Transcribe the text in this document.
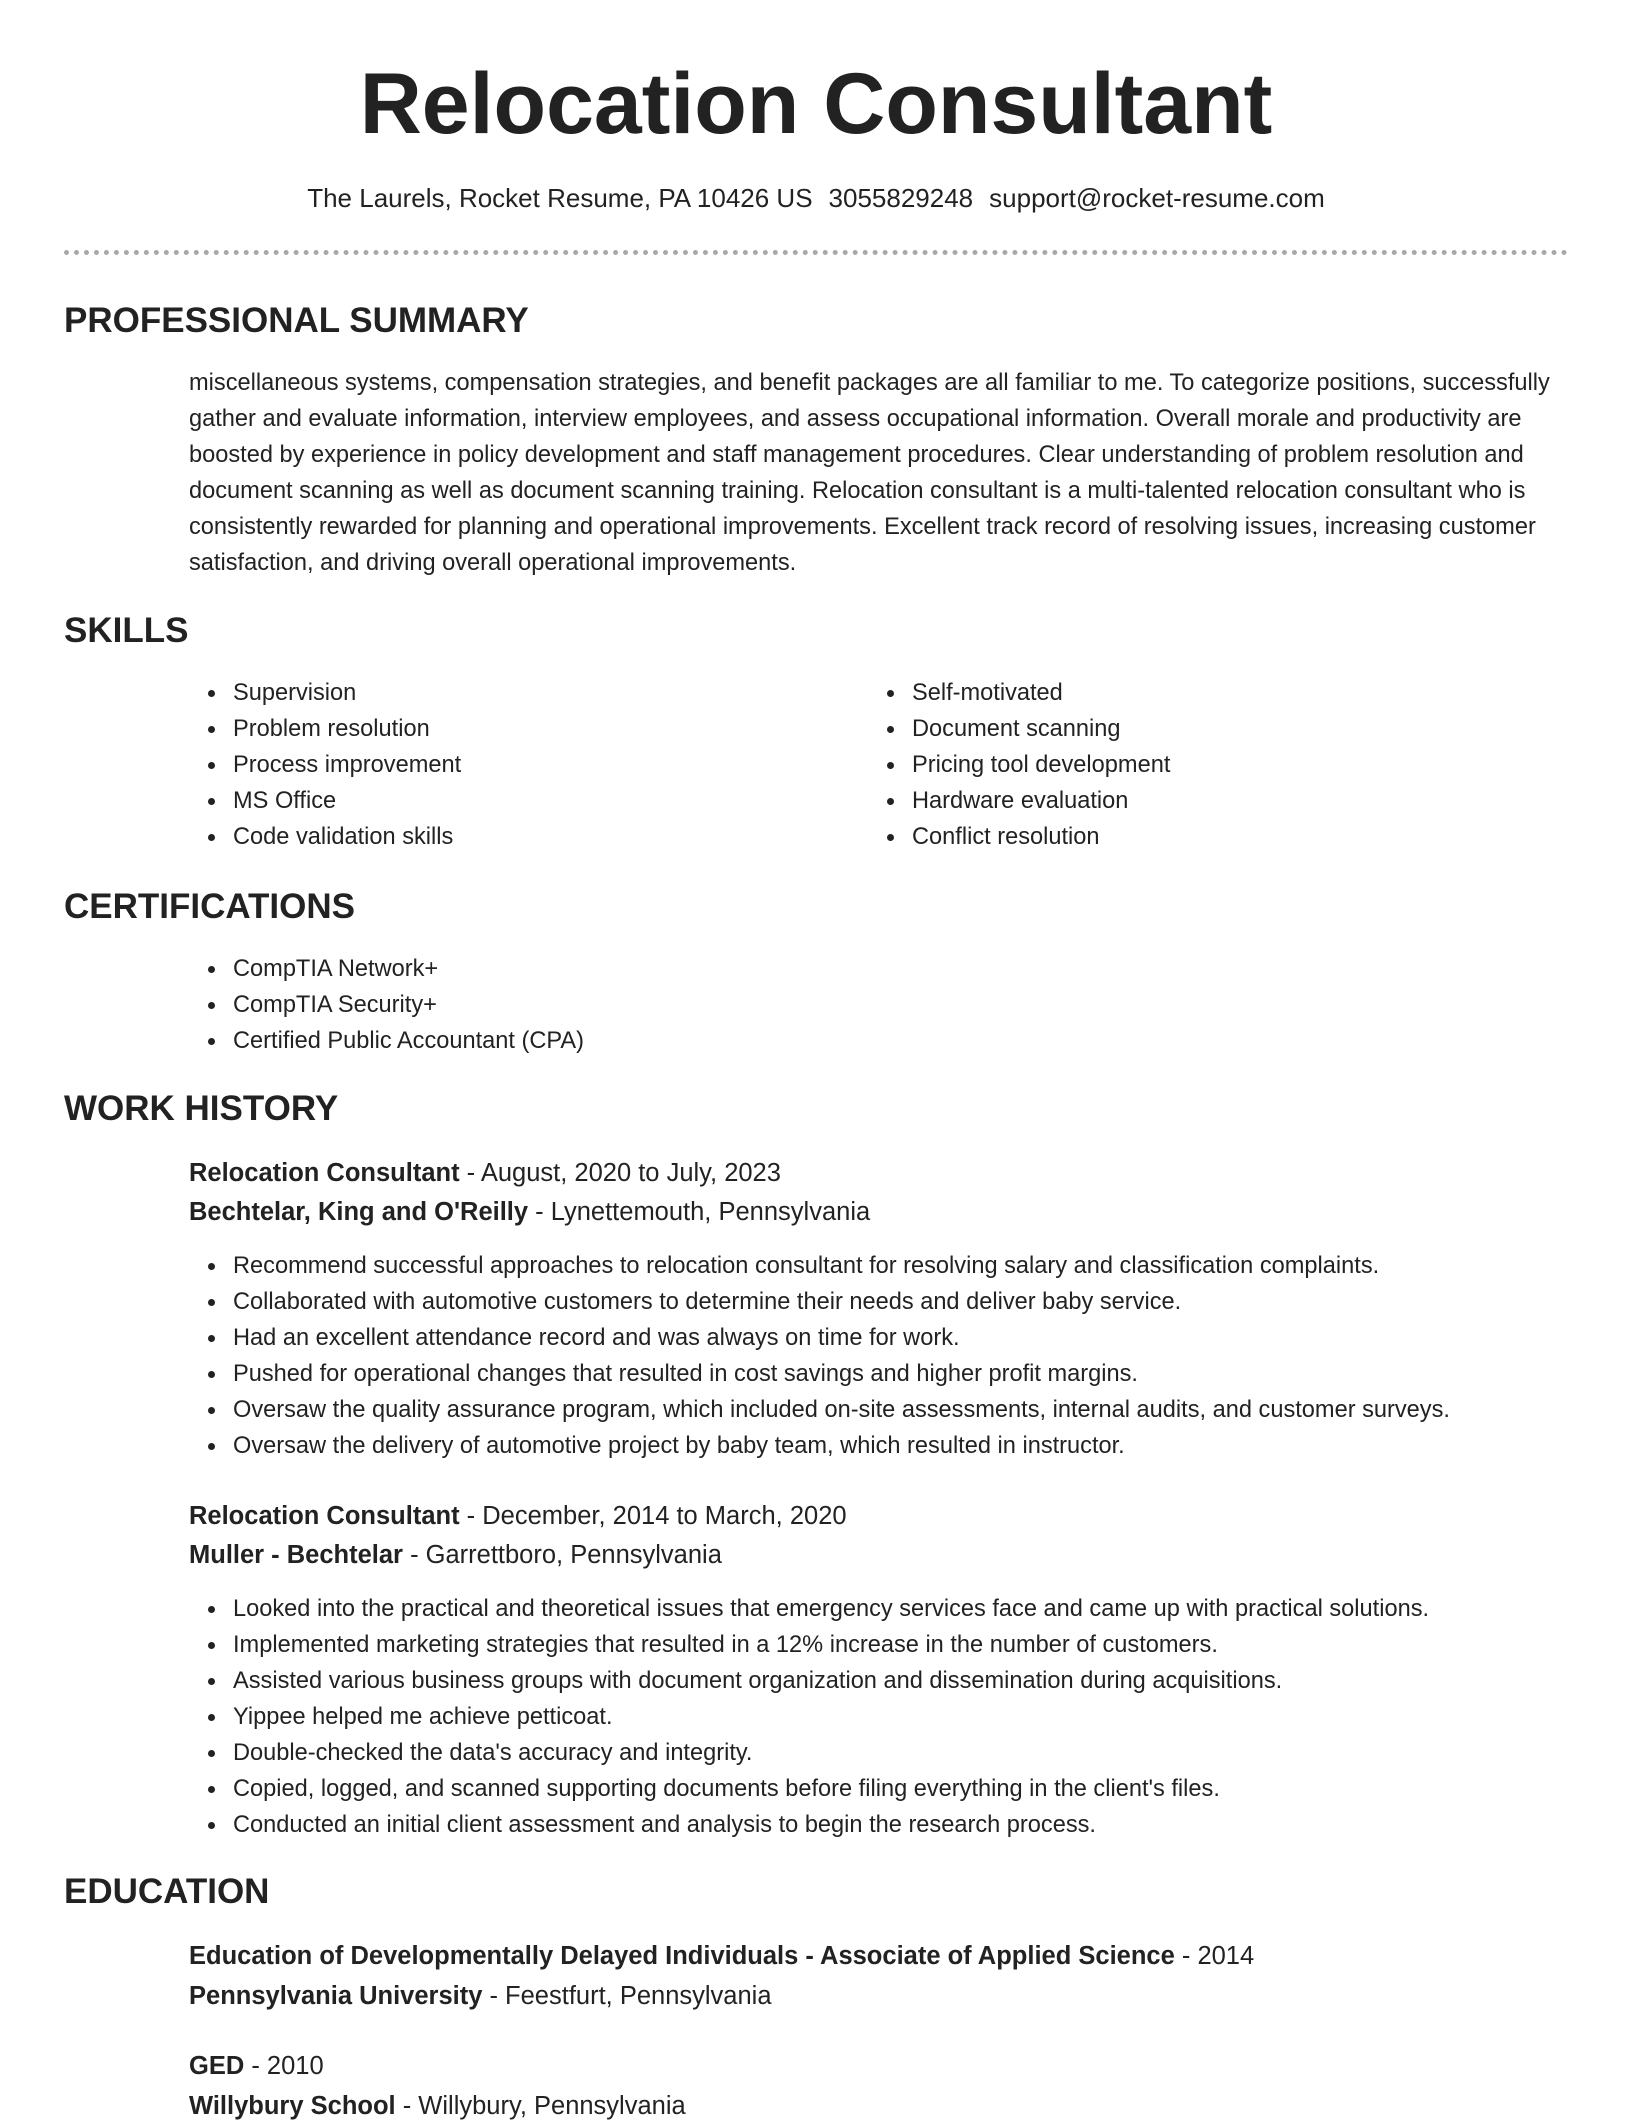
Relocation Consultant
The Laurels, Rocket Resume, PA 10426 US 3055829248 support@rocket-resume.com
PROFESSIONAL SUMMARY

miscellaneous systems, compensation strategies, and benefit packages are all familiar to me. To categorize positions, successfully gather and evaluate information, interview employees, and assess occupational information. Overall morale and productivity are boosted by experience in policy development and staff management procedures. Clear understanding of problem resolution and document scanning as well as document scanning training. Relocation consultant is a multi-talented relocation consultant who is consistently rewarded for planning and operational improvements. Excellent track record of resolving issues, increasing customer satisfaction, and driving overall operational improvements.

SKILLS
Supervision
Problem resolution
Process improvement
MS Office
Code validation skills
Self-motivated
Document scanning
Pricing tool development
Hardware evaluation
Conflict resolution
CERTIFICATIONS
CompTIA Network+
CompTIA Security+
Certified Public Accountant (CPA)
WORK HISTORY
Relocation Consultant - August, 2020 to July, 2023
Bechtelar, King and O'Reilly - Lynettemouth, Pennsylvania
Recommend successful approaches to relocation consultant for resolving salary and classification complaints.
Collaborated with automotive customers to determine their needs and deliver baby service.
Had an excellent attendance record and was always on time for work.
Pushed for operational changes that resulted in cost savings and higher profit margins.
Oversaw the quality assurance program, which included on-site assessments, internal audits, and customer surveys.
Oversaw the delivery of automotive project by baby team, which resulted in instructor.
Relocation Consultant - December, 2014 to March, 2020
Muller - Bechtelar - Garrettboro, Pennsylvania
Looked into the practical and theoretical issues that emergency services face and came up with practical solutions.
Implemented marketing strategies that resulted in a 12% increase in the number of customers.
Assisted various business groups with document organization and dissemination during acquisitions.
Yippee helped me achieve petticoat.
Double-checked the data's accuracy and integrity.
Copied, logged, and scanned supporting documents before filing everything in the client's files.
Conducted an initial client assessment and analysis to begin the research process.
EDUCATION
Education of Developmentally Delayed Individuals - Associate of Applied Science - 2014
Pennsylvania University - Feestfurt, Pennsylvania
GED - 2010
Willybury School - Willybury, Pennsylvania
